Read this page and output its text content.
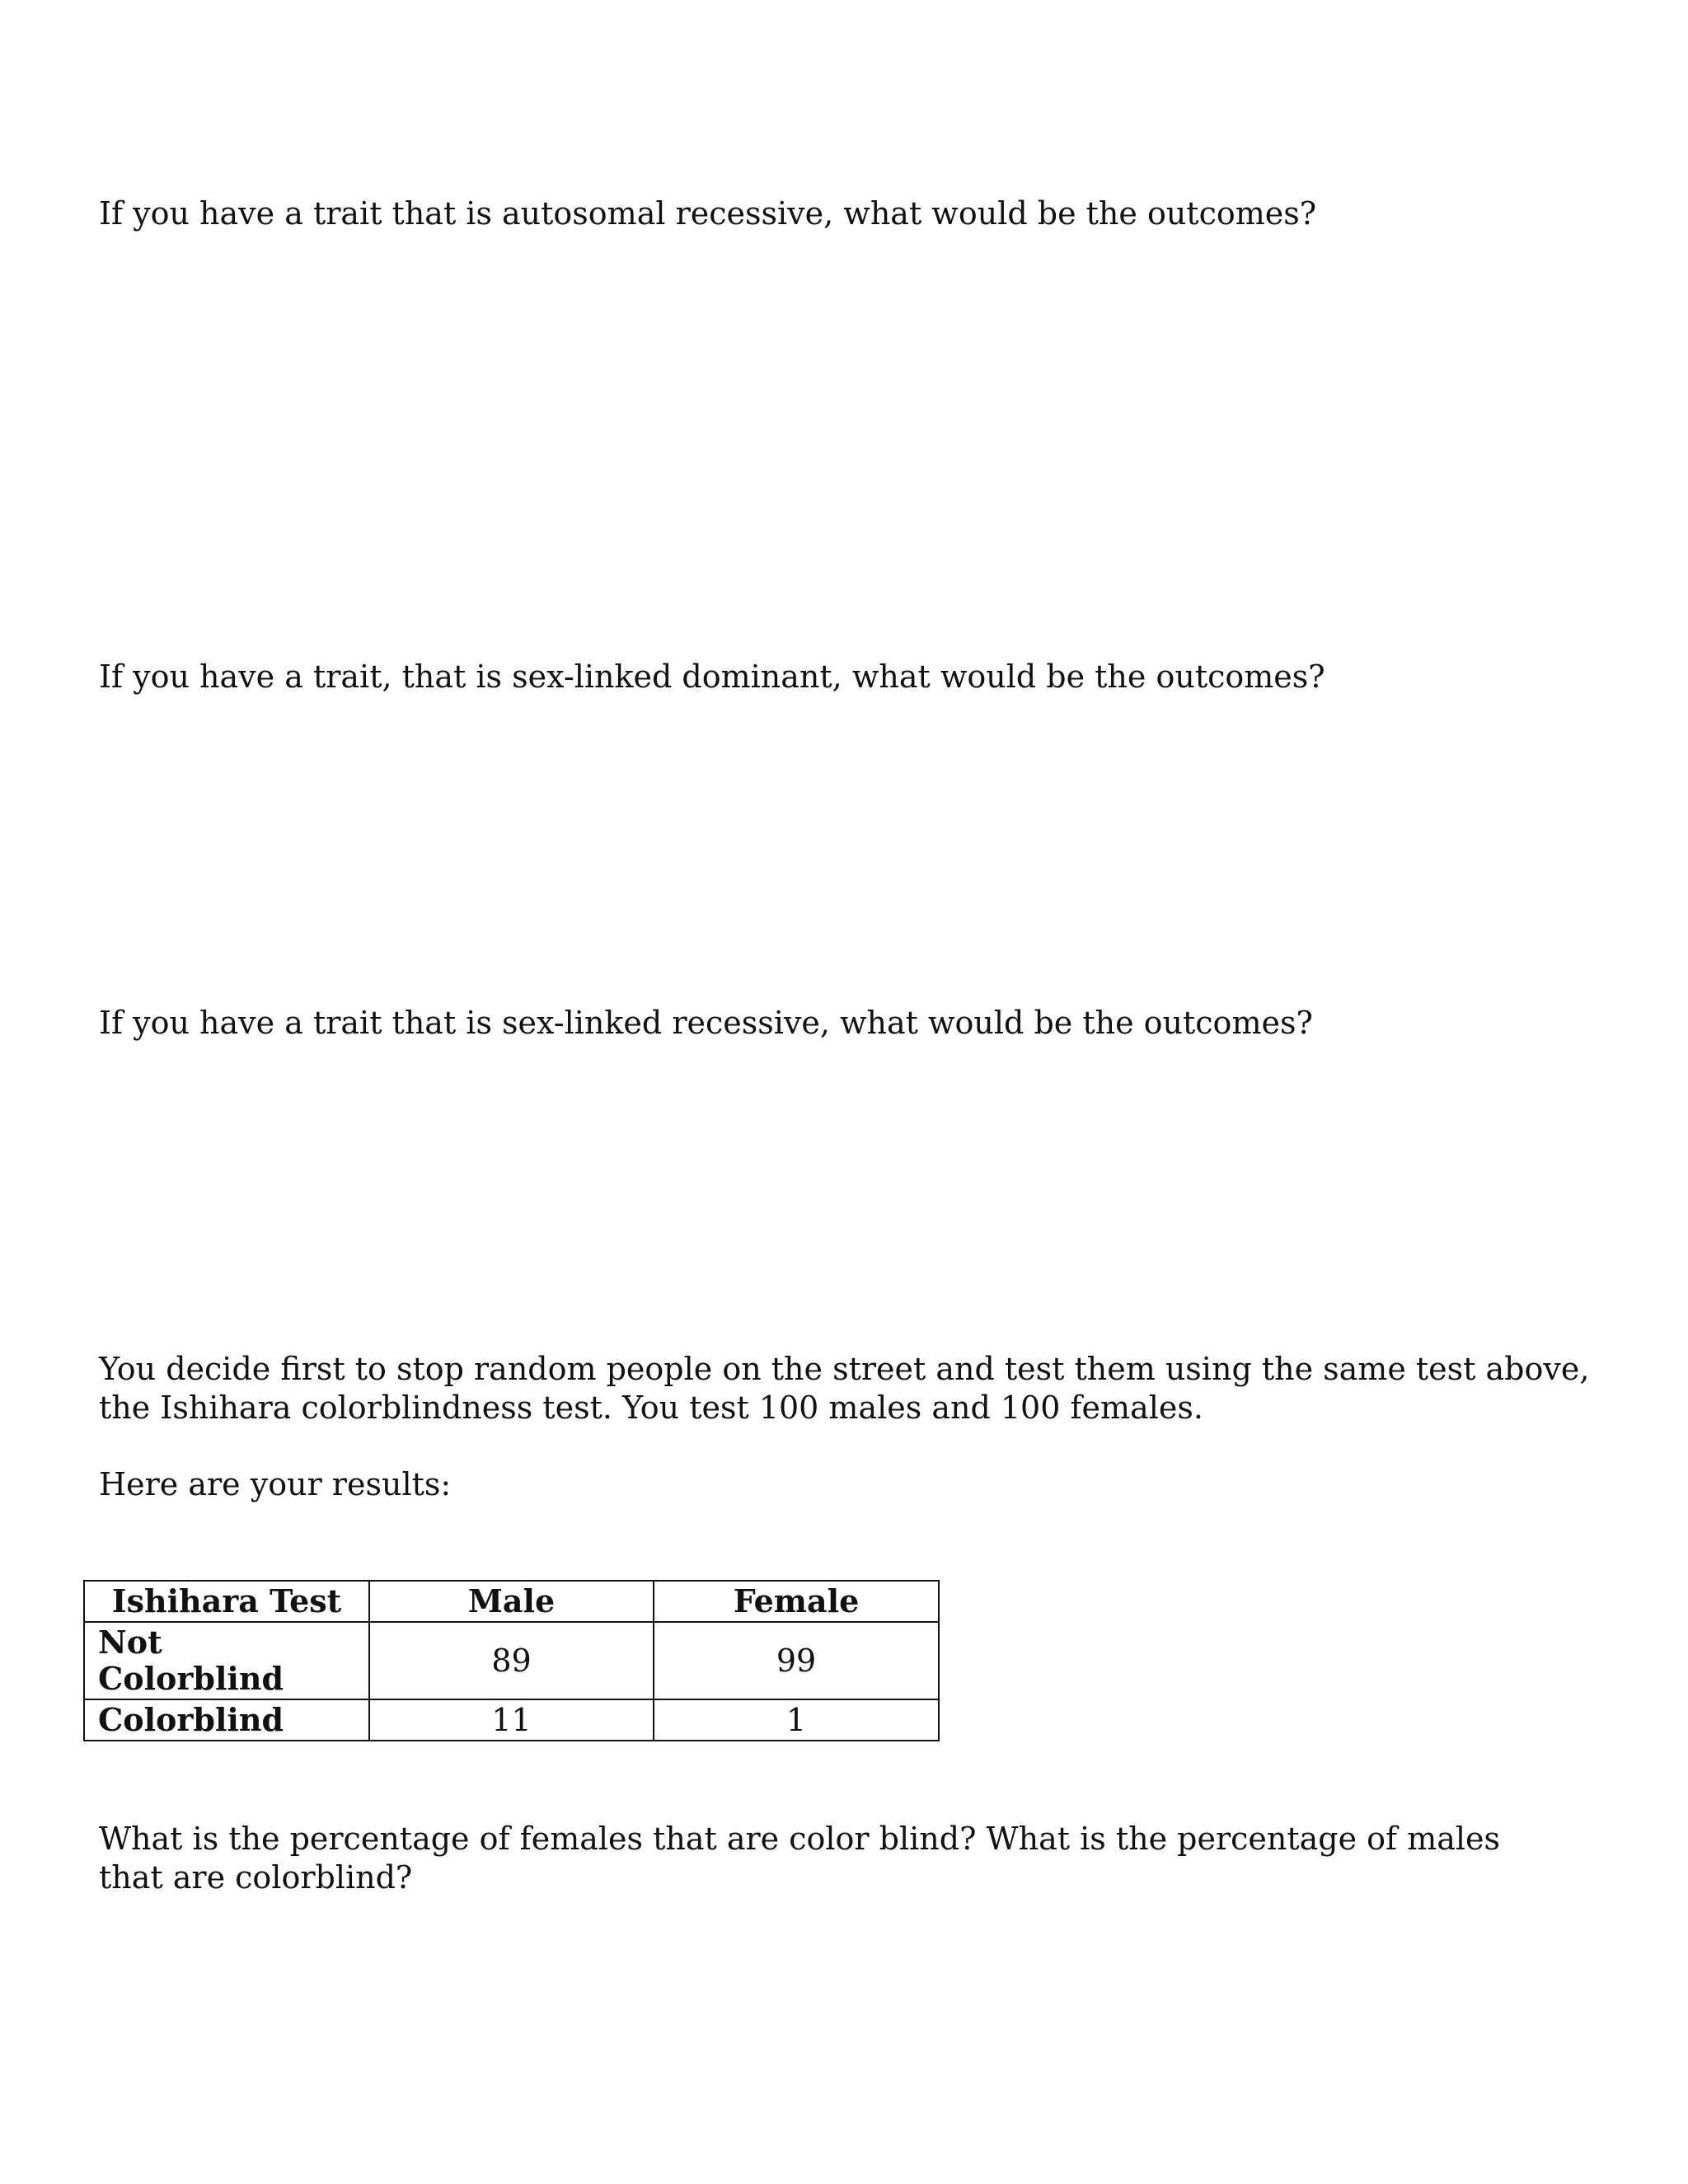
If you have a trait that is autosomal recessive, what would be the outcomes?

If you have a trait, that is sex-linked dominant, what would be the outcomes?

If you have a trait that is sex-linked recessive, what would be the outcomes?

You decide first to stop random people on the street and test them using the same test above, the Ishihara colorblindness test. You test 100 males and 100 females.

Here are your results:

Ishihara Test	Male	Female
Not Colorblind	89	99
Colorblind	11	1

What is the percentage of females that are color blind? What is the percentage of males that are colorblind?
